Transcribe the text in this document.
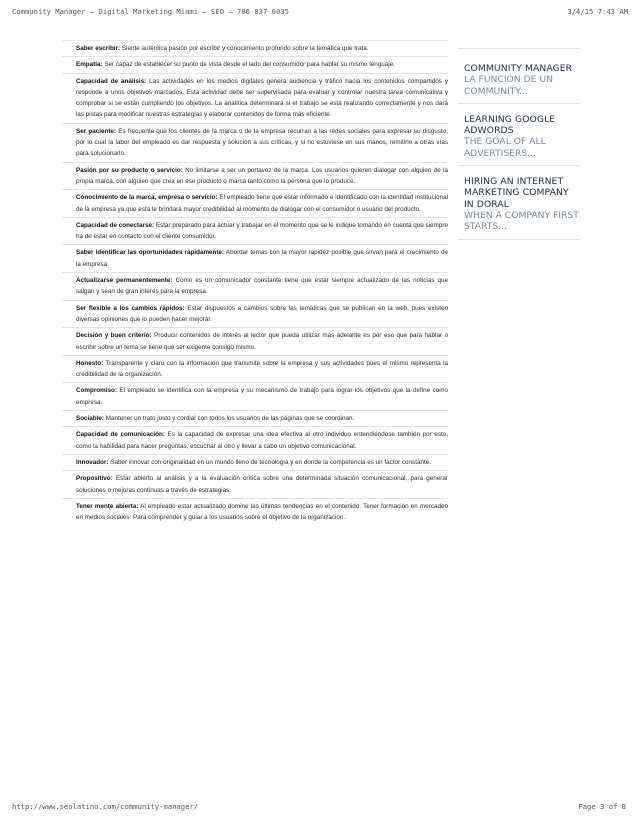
Community Manager – Digital Marketing Miami – SEO – 786 837 6035	3/4/15 7:43 AM
Saber escribir: Siente auténtica pasión por escribir y conocimiento profundo sobre la temática que trata.
Empatía: Ser capaz de establecer su punto de vista desde el lado del consumidor para hablar su mismo lenguaje.
Capacidad de análisis: Las actividades en los medios digitales genera audiencia y tráfico hacia los contenidos compartidos y responde a unos objetivos marcados. Esta actividad debe ser supervisada para evaluar y controlar nuestra tarea comunicativa y comprobar si se están cumpliendo los objetivos. La analítica determinará si el trabajo se está realizando correctamente y nos dará las pistas para modificar nuestras estrategias y elaborar contenidos de forma más eficiente.
Ser paciente: Es frecuente que los clientes de la marca o de la empresa recurran a las redes sociales para expresar su disgusto, por lo cual la labor del empleado es dar respuesta y solución a sus críticas, y si no estuviese en sus manos, remitirle a otras vías para solucionarlo.
Pasión por su producto o servicio: No limitarse a ser un portavoz de la marca. Los usuarios quieren dialogar con alguien de la propia marca, con alguien que crea en ese producto o marca tanto como la persona que lo produce.
Conocimiento de la marca, empresa o servicio: El empleado tiene que estar informado e identificado con la identidad institucional de la empresa ya que esta le brindará mayor credibilidad al momento de dialogar con el consumidor o usuario del producto.
Capacidad de conectarse: Estar preparado para actuar y trabajar en el momento que se le indique tomando en cuenta que siempre ha de estar en contacto con el cliente consumidor.
Saber identificar las oportunidades rápidamente: Abordar temas con la mayor rapidez posible que sirvan para el crecimiento de la empresa.
Actualizarse permanentemente: Como es un comunicador constante tiene que estar siempre actualizado de las noticias que salgan y sean de gran interés para la empresa.
Ser flexible a los cambios rápidos: Estar dispuestos a cambios sobre las temáticas que se publican en la web, pues existen diversas opiniones que lo pueden hacer mejorar.
Decisión y buen criterio: Producir contenidos de interés al lector que pueda utilizar más adelante es por eso que para hablar o escribir sobre un tema se tiene que ser exigente consigo mismo.
Honesto: Transparente y claro con la información que transmite sobre la empresa y sus actividades pues el mismo representa la credibilidad de la organización.
Compromiso: El empleado se identifica con la empresa y su mecanismo de trabajo para lograr los objetivos que la define como empresa.
Sociable: Mantener un trato justo y cordial con todos los usuarios de las páginas que se coordinan.
Capacidad de comunicación: Es la capacidad de expresar una idea efectiva al otro individuo entendiéndose también por esto, como la habilidad para hacer preguntas, escuchar al otro y llevar a cabo un objetivo comunicacional.
Innovador: Saber innovar con originalidad en un mundo lleno de tecnología y en donde la competencia es un factor constante.
Propositivo: Estar abierto al análisis y a la evaluación crítica sobre una determinada situación comunicacional, para generar soluciones o mejoras continuas a través de estrategias.
Tener mente abierta: Al empleado estar actualizado domine las últimas tendencias en el contenido. Tener formación en mercadeo en medios sociales: Para comprender y guiar a los usuarios sobre el objetivo de la organización.
COMMUNITY MANAGER
LA FUNCIÓN DE UN COMMUNITY...
LEARNING GOOGLE ADWORDS
THE GOAL OF ALL ADVERTISERS...
HIRING AN INTERNET MARKETING COMPANY IN DORAL
WHEN A COMPANY FIRST STARTS...
http://www.seolatino.com/community-manager/	Page 3 of 8
